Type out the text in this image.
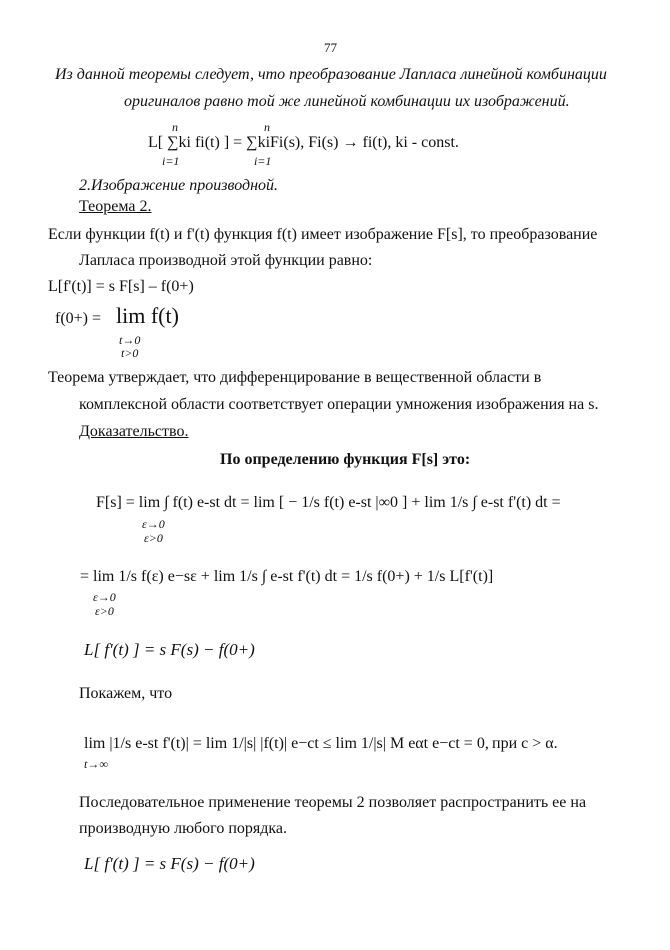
77
Из данной теоремы следует, что преобразование Лапласа линейной комбинации
оригиналов равно той же линейной комбинации их изображений.
n	n
L[ ∑ki fi(t) ] = ∑kiFi(s), Fi(s) → fi(t), ki - const.
i=1	i=1
2.Изображение производной.
Теорема 2.
Если функции f(t) и f'(t) функция f(t) имеет изображение F[s], то преобразование
Лапласа производной этой функции равно:
L[f'(t)] = s F[s] – f(0+)
f(0+) = lim f(t)
t→0
t>0
Теорема утверждает, что дифференцирование в вещественной области в
комплексной области соответствует операции умножения изображения на s.
Доказательство.
По определению функция F[s] это:
F[s] = lim ∫ f(t) e-st dt = lim [ − 1/s f(t) e-st |∞0 ] + lim 1/s ∫ e-st f'(t) dt =
ε→0
ε>0
= lim 1/s f(ε) e−sε + lim 1/s ∫ e-st f'(t) dt = 1/s f(0+) + 1/s L[f'(t)]
ε→0
ε>0
L[ f'(t) ] = s F(s) − f(0+)
Покажем, что
lim |1/s e-st f'(t)| = lim 1/|s| |f(t)| e−ct ≤ lim 1/|s| M eαt e−ct = 0, при c > α.
t→∞
Последовательное применение теоремы 2 позволяет распространить ее на
производную любого порядка.
L[ f'(t) ] = s F(s) − f(0+)
